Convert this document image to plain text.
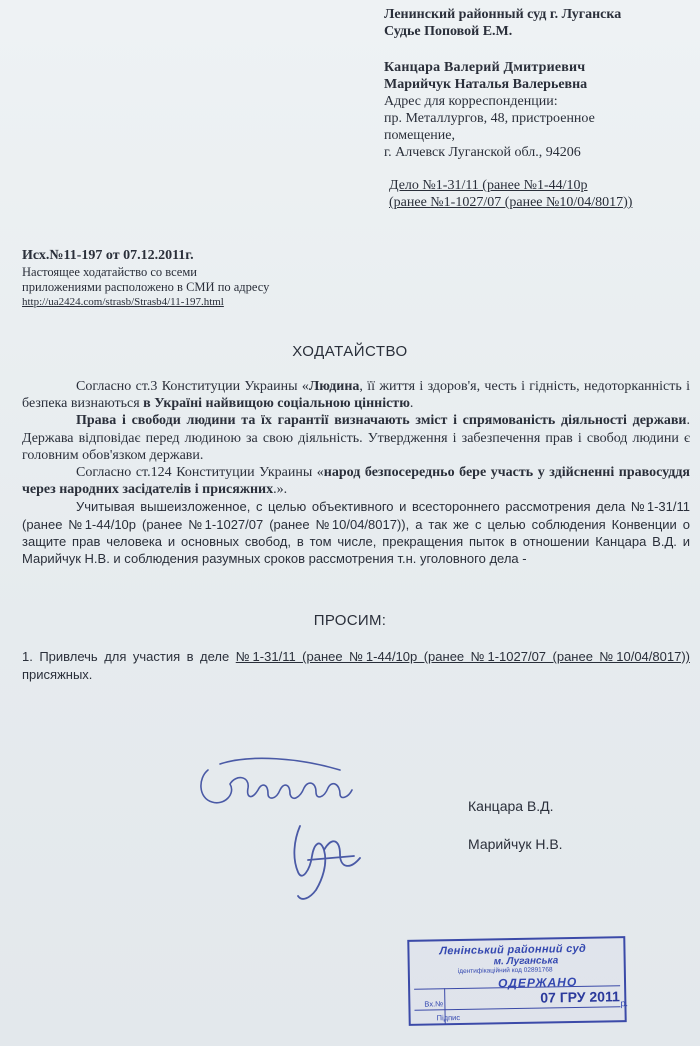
Ленинский районный суд г. Луганска
Судье Поповой Е.М.
Канцара Валерий Дмитриевич
Марийчук Наталья Валерьевна
Адрес для корреспонденции:
пр. Металлургов, 48, пристроенное
помещение,
г. Алчевск Луганской обл., 94206
Дело №1-31/11 (ранее №1-44/10р
(ранее №1-1027/07 (ранее №10/04/8017))
Исх.№11-197 от 07.12.2011г.
Настоящее ходатайство со всеми
приложениями расположено в СМИ по адресу
http://ua2424.com/strasb/Strasb4/11-197.html
ХОДАТАЙСТВО

Согласно ст.3 Конституции Украины «Людина, її життя і здоров'я, честь і гідність, недоторканність і безпека визнаються в Україні найвищою соціальною цінністю.

Права і свободи людини та їх гарантії визначають зміст і спрямованість діяльності держави. Держава відповідає перед людиною за свою діяльність. Утвердження і забезпечення прав і свобод людини є головним обов'язком держави.

Согласно ст.124 Конституции Украины «народ безпосередньо бере участь у здійсненні правосуддя через народних засідателів і присяжних.».

Учитывая вышеизложенное, с целью объективного и всестороннего рассмотрения дела №1-31/11 (ранее №1-44/10р (ранее №1-1027/07 (ранее №10/04/8017)), а так же с целью соблюдения Конвенции о защите прав человека и основных свобод, в том числе, прекращения пыток в отношении Канцара В.Д. и Марийчук Н.В. и соблюдения разумных сроков рассмотрения т.н. уголовного дела -

ПРОСИМ:
1. Привлечь для участия в деле №1-31/11 (ранее №1-44/10р (ранее №1-1027/07 (ранее №10/04/8017)) присяжных.
Канцара В.Д.
Марийчук Н.В.
Ленінський районний суд
м. Луганська
ідентифікаційний код 02891768
ОДЕРЖАНО
Вх.№	07 ГРУ 2011 р.
Підпис
